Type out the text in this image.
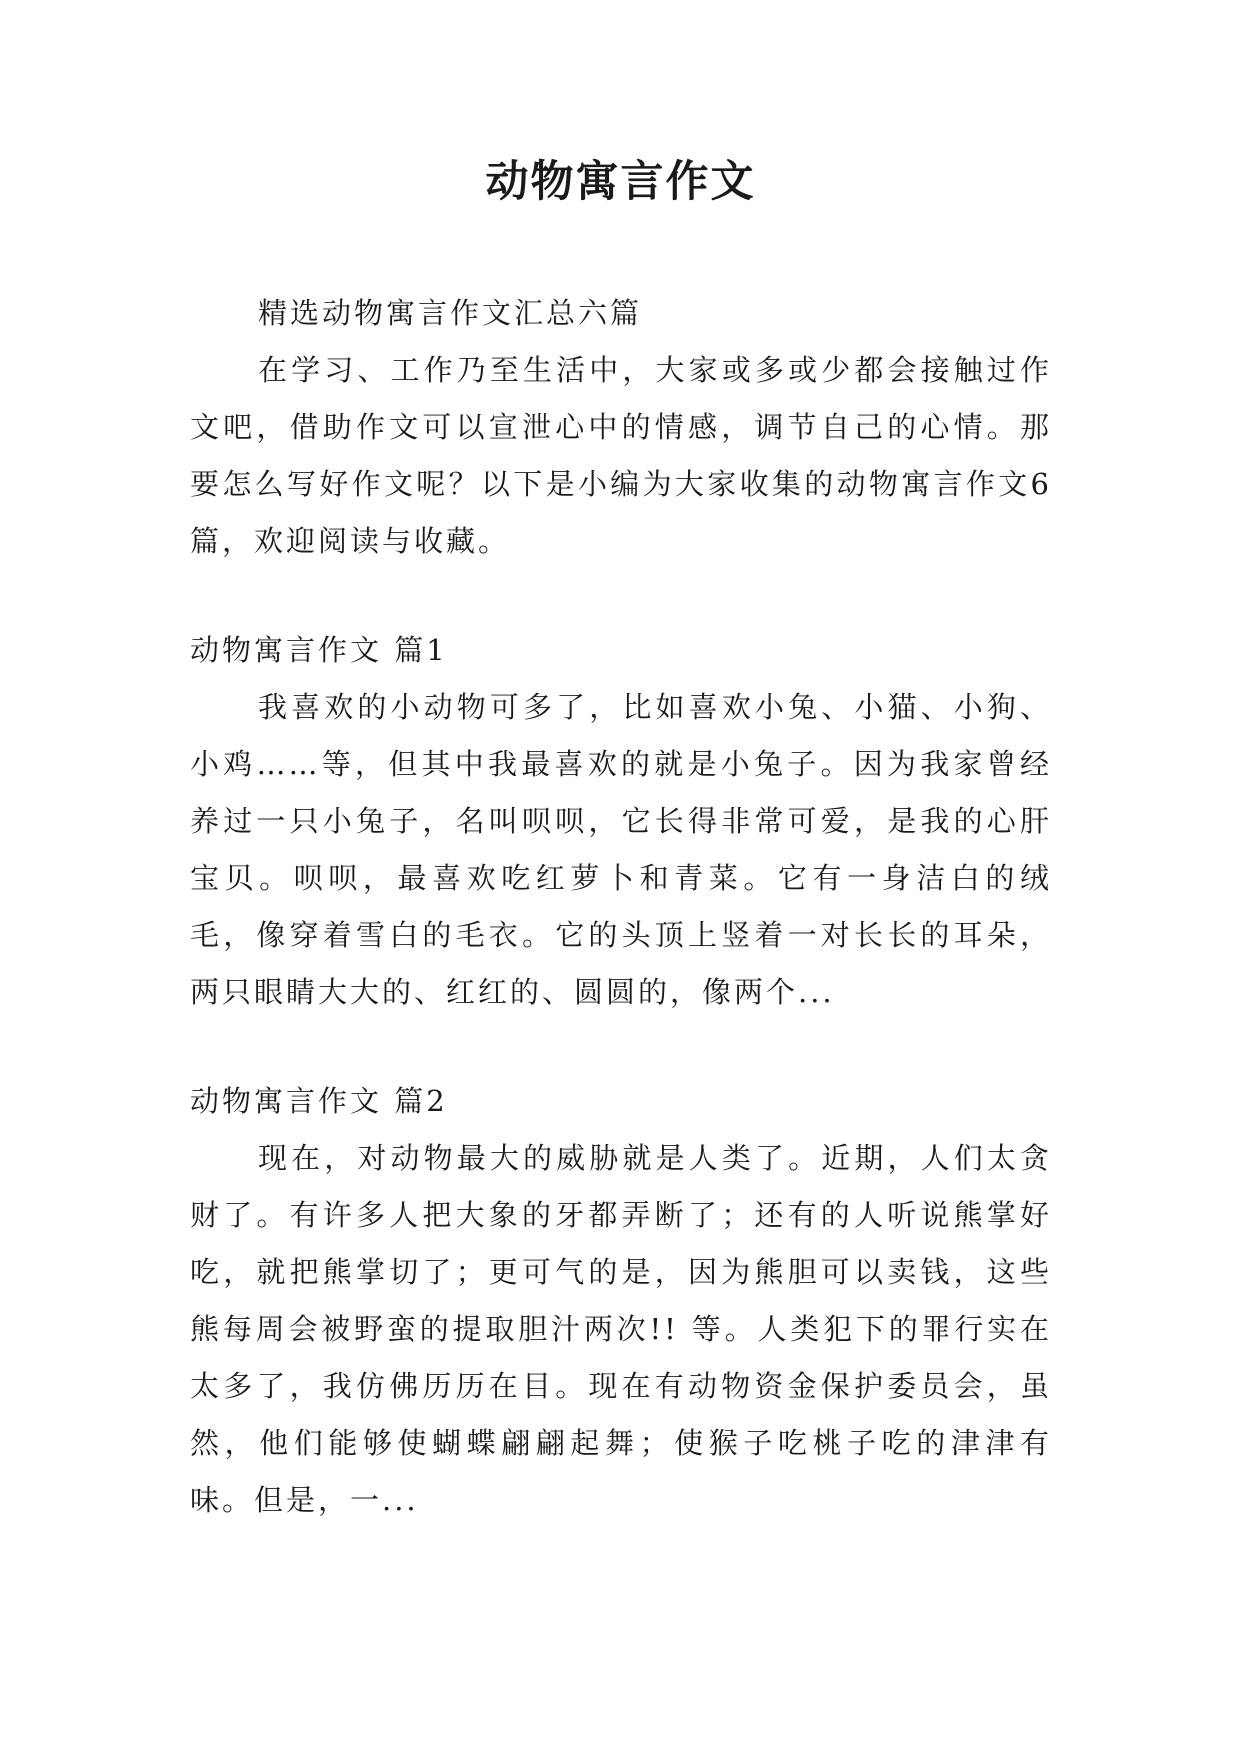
动物寓言作文

精选动物寓言作文汇总六篇

在学习、工作乃至生活中，大家或多或少都会接触过作文吧，借助作文可以宣泄心中的情感，调节自己的心情。那要怎么写好作文呢？以下是小编为大家收集的动物寓言作文6篇，欢迎阅读与收藏。

动物寓言作文 篇1

我喜欢的小动物可多了，比如喜欢小兔、小猫、小狗、小鸡……等，但其中我最喜欢的就是小兔子。因为我家曾经养过一只小兔子，名叫呗呗，它长得非常可爱，是我的心肝宝贝。呗呗，最喜欢吃红萝卜和青菜。它有一身洁白的绒毛，像穿着雪白的毛衣。它的头顶上竖着一对长长的耳朵，两只眼睛大大的、红红的、圆圆的，像两个...

动物寓言作文 篇2

现在，对动物最大的威胁就是人类了。近期，人们太贪财了。有许多人把大象的牙都弄断了；还有的人听说熊掌好吃，就把熊掌切了；更可气的是，因为熊胆可以卖钱，这些熊每周会被野蛮的提取胆汁两次!! 等。人类犯下的罪行实在太多了，我仿佛历历在目。现在有动物资金保护委员会，虽然，他们能够使蝴蝶翩翩起舞；使猴子吃桃子吃的津津有味。但是，一...
